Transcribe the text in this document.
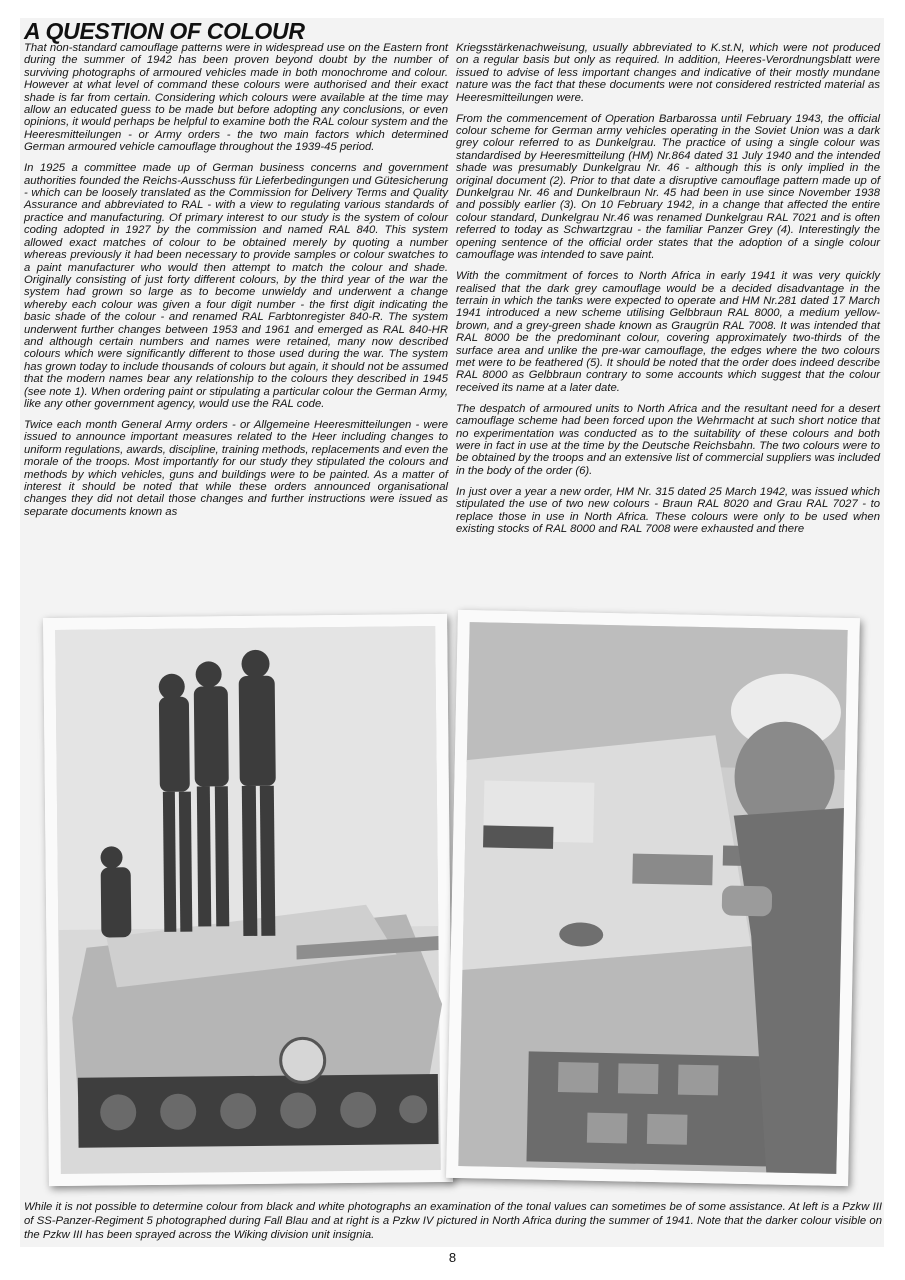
A QUESTION OF COLOUR

That non-standard camouflage patterns were in widespread use on the Eastern front during the summer of 1942 has been proven beyond doubt by the number of surviving photographs of armoured vehicles made in both monochrome and colour. However at what level of command these colours were authorised and their exact shade is far from certain. Considering which colours were available at the time may allow an educated guess to be made but before adopting any conclusions, or even opinions, it would perhaps be helpful to examine both the RAL colour system and the Heeresmitteilungen - or Army orders - the two main factors which determined German armoured vehicle camouflage throughout the 1939-45 period.

In 1925 a committee made up of German business concerns and government authorities founded the Reichs-Ausschuss für Lieferbedingungen und Gütesicherung - which can be loosely translated as the Commission for Delivery Terms and Quality Assurance and abbreviated to RAL - with a view to regulating various standards of practice and manufacturing. Of primary interest to our study is the system of colour coding adopted in 1927 by the commission and named RAL 840. This system allowed exact matches of colour to be obtained merely by quoting a number whereas previously it had been necessary to provide samples or colour swatches to a paint manufacturer who would then attempt to match the colour and shade. Originally consisting of just forty different colours, by the third year of the war the system had grown so large as to become unwieldy and underwent a change whereby each colour was given a four digit number - the first digit indicating the basic shade of the colour - and renamed RAL Farbtonregister 840-R. The system underwent further changes between 1953 and 1961 and emerged as RAL 840-HR and although certain numbers and names were retained, many now described colours which were significantly different to those used during the war. The system has grown today to include thousands of colours but again, it should not be assumed that the modern names bear any relationship to the colours they described in 1945 (see note 1). When ordering paint or stipulating a particular colour the German Army, like any other government agency, would use the RAL code.

Twice each month General Army orders - or Allgemeine Heeresmitteilungen - were issued to announce important measures related to the Heer including changes to uniform regulations, awards, discipline, training methods, replacements and even the morale of the troops. Most importantly for our study they stipulated the colours and methods by which vehicles, guns and buildings were to be painted. As a matter of interest it should be noted that while these orders announced organisational changes they did not detail those changes and further instructions were issued as separate documents known as

Kriegsstärkenachweisung, usually abbreviated to K.st.N, which were not produced on a regular basis but only as required. In addition, Heeres-Verordnungsblatt were issued to advise of less important changes and indicative of their mostly mundane nature was the fact that these documents were not considered restricted material as Heeresmitteilungen were.

From the commencement of Operation Barbarossa until February 1943, the official colour scheme for German army vehicles operating in the Soviet Union was a dark grey colour referred to as Dunkelgrau. The practice of using a single colour was standardised by Heeresmitteilung (HM) Nr.864 dated 31 July 1940 and the intended shade was presumably Dunkelgrau Nr. 46 - although this is only implied in the original document (2). Prior to that date a disruptive camouflage pattern made up of Dunkelgrau Nr. 46 and Dunkelbraun Nr. 45 had been in use since November 1938 and possibly earlier (3). On 10 February 1942, in a change that affected the entire colour standard, Dunkelgrau Nr.46 was renamed Dunkelgrau RAL 7021 and is often referred to today as Schwartzgrau - the familiar Panzer Grey (4). Interestingly the opening sentence of the official order states that the adoption of a single colour camouflage was intended to save paint.

With the commitment of forces to North Africa in early 1941 it was very quickly realised that the dark grey camouflage would be a decided disadvantage in the terrain in which the tanks were expected to operate and HM Nr.281 dated 17 March 1941 introduced a new scheme utilising Gelbbraun RAL 8000, a medium yellow-brown, and a grey-green shade known as Graugrün RAL 7008. It was intended that RAL 8000 be the predominant colour, covering approximately two-thirds of the surface area and unlike the pre-war camouflage, the edges where the two colours met were to be feathered (5). It should be noted that the order does indeed describe RAL 8000 as Gelbbraun contrary to some accounts which suggest that the colour received its name at a later date.

The despatch of armoured units to North Africa and the resultant need for a desert camouflage scheme had been forced upon the Wehrmacht at such short notice that no experimentation was conducted as to the suitability of these colours and both were in fact in use at the time by the Deutsche Reichsbahn. The two colours were to be obtained by the troops and an extensive list of commercial suppliers was included in the body of the order (6).

In just over a year a new order, HM Nr. 315 dated 25 March 1942, was issued which stipulated the use of two new colours - Braun RAL 8020 and Grau RAL 7027 - to replace those in use in North Africa. These colours were only to be used when existing stocks of RAL 8000 and RAL 7008 were exhausted and there

While it is not possible to determine colour from black and white photographs an examination of the tonal values can sometimes be of some assistance. At left is a Pzkw III of SS-Panzer-Regiment 5 photographed during Fall Blau and at right is a Pzkw IV pictured in North Africa during the summer of 1941. Note that the darker colour visible on the Pzkw III has been sprayed across the Wiking division unit insignia.
8
